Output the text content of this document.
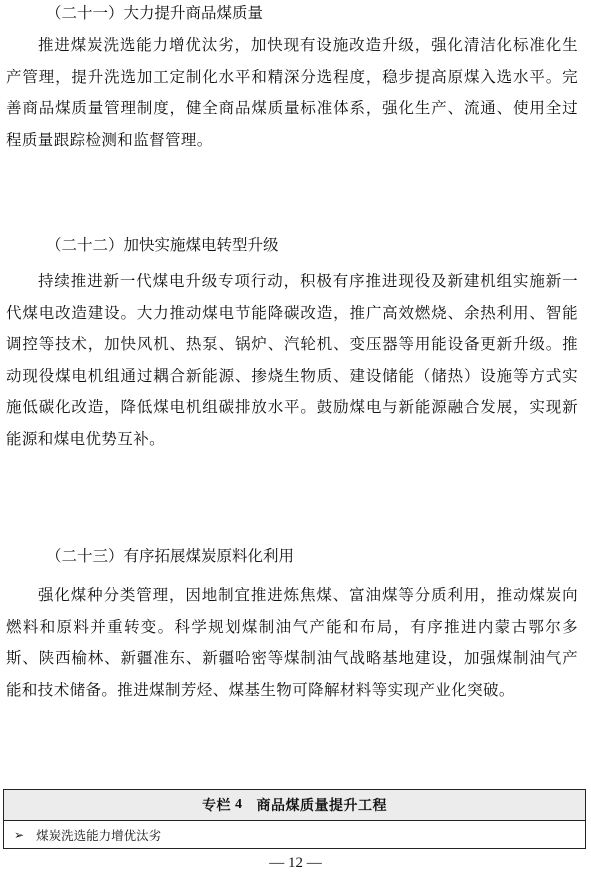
（二十一）大力提升商品煤质量

推进煤炭洗选能力增优汰劣，加快现有设施改造升级，强化清洁化标准化生产管理，提升洗选加工定制化水平和精深分选程度，稳步提高原煤入选水平。完善商品煤质量管理制度，健全商品煤质量标准体系，强化生产、流通、使用全过程质量跟踪检测和监督管理。

（二十二）加快实施煤电转型升级

持续推进新一代煤电升级专项行动，积极有序推进现役及新建机组实施新一代煤电改造建设。大力推动煤电节能降碳改造，推广高效燃烧、余热利用、智能调控等技术，加快风机、热泵、锅炉、汽轮机、变压器等用能设备更新升级。推动现役煤电机组通过耦合新能源、掺烧生物质、建设储能（储热）设施等方式实施低碳化改造，降低煤电机组碳排放水平。鼓励煤电与新能源融合发展，实现新能源和煤电优势互补。

（二十三）有序拓展煤炭原料化利用

强化煤种分类管理，因地制宜推进炼焦煤、富油煤等分质利用，推动煤炭向燃料和原料并重转变。科学规划煤制油气产能和布局，有序推进内蒙古鄂尔多斯、陕西榆林、新疆准东、新疆哈密等煤制油气战略基地建设，加强煤制油气产能和技术储备。推进煤制芳烃、煤基生物可降解材料等实现产业化突破。

专栏 4 商品煤质量提升工程
➢ 煤炭洗选能力增优汰劣
— 12 —
